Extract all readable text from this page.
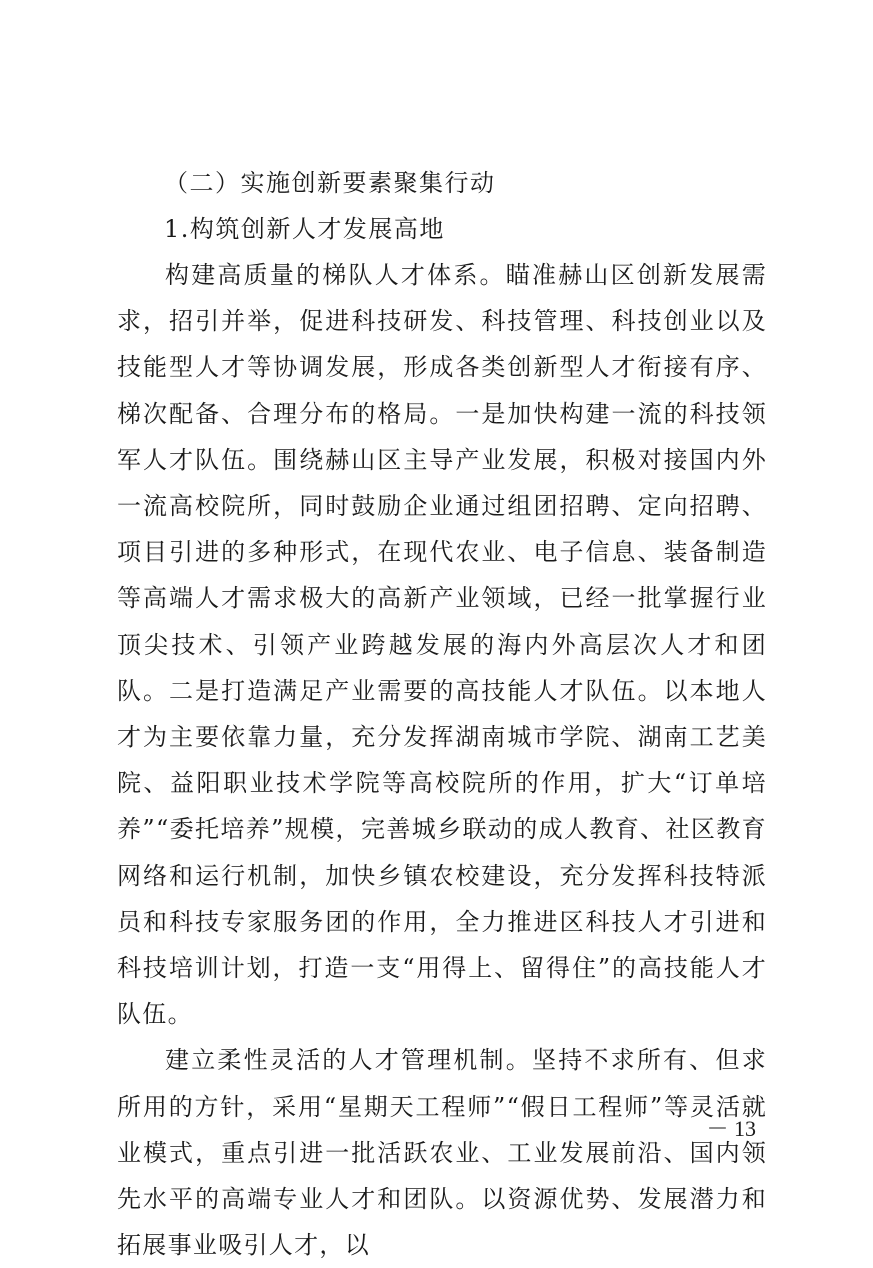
（二）实施创新要素聚集行动
1.构筑创新人才发展高地

构建高质量的梯队人才体系。瞄准赫山区创新发展需求，招引并举，促进科技研发、科技管理、科技创业以及技能型人才等协调发展，形成各类创新型人才衔接有序、梯次配备、合理分布的格局。一是加快构建一流的科技领军人才队伍。围绕赫山区主导产业发展，积极对接国内外一流高校院所，同时鼓励企业通过组团招聘、定向招聘、项目引进的多种形式，在现代农业、电子信息、装备制造等高端人才需求极大的高新产业领域，已经一批掌握行业顶尖技术、引领产业跨越发展的海内外高层次人才和团队。二是打造满足产业需要的高技能人才队伍。以本地人才为主要依靠力量，充分发挥湖南城市学院、湖南工艺美院、益阳职业技术学院等高校院所的作用，扩大“订单培养”“委托培养”规模，完善城乡联动的成人教育、社区教育网络和运行机制，加快乡镇农校建设，充分发挥科技特派员和科技专家服务团的作用，全力推进区科技人才引进和科技培训计划，打造一支“用得上、留得住”的高技能人才队伍。

建立柔性灵活的人才管理机制。坚持不求所有、但求所用的方针，采用“星期天工程师”“假日工程师”等灵活就业模式，重点引进一批活跃农业、工业发展前沿、国内领先水平的高端专业人才和团队。以资源优势、发展潜力和拓展事业吸引人才，以

－ 13
